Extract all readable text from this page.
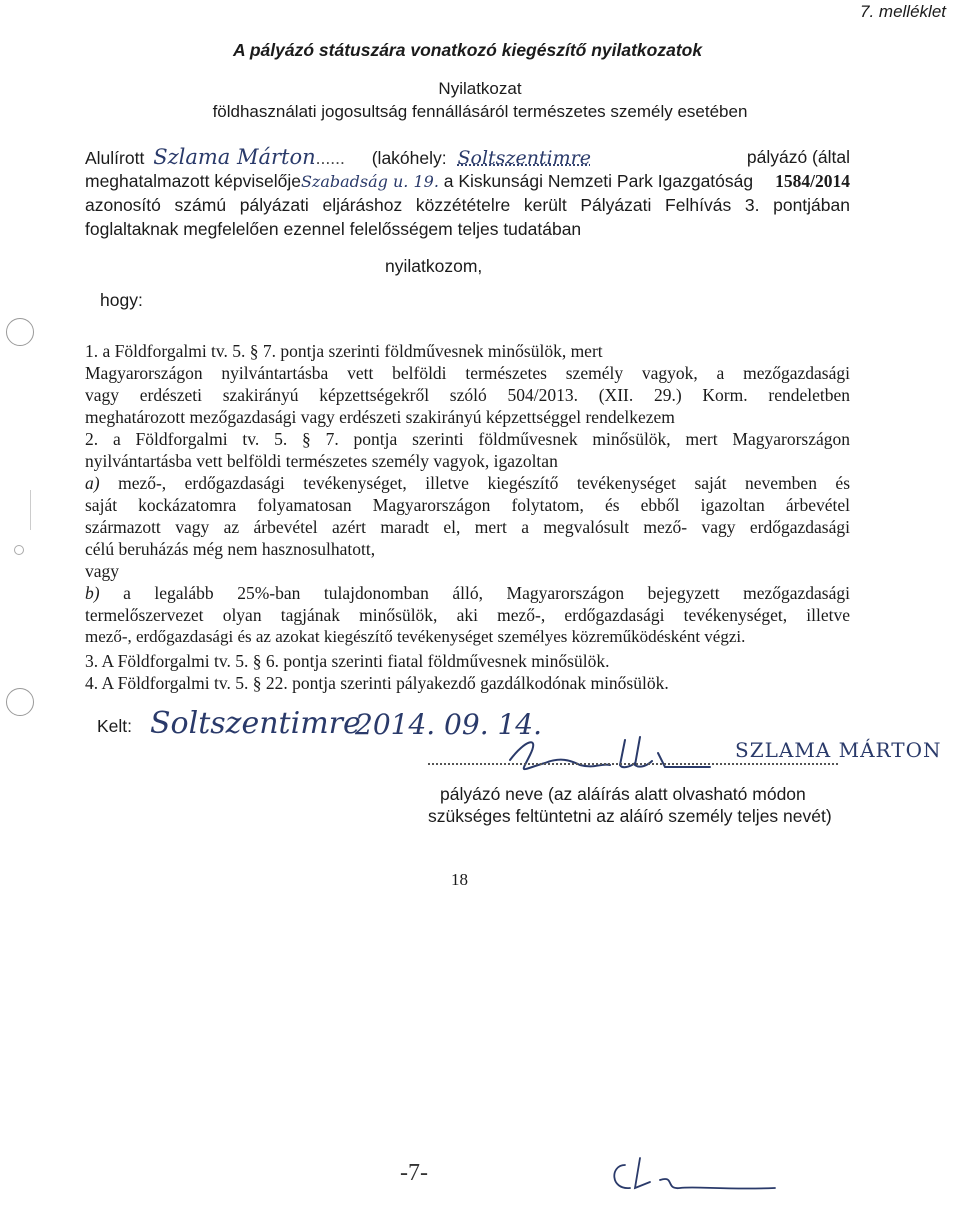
7. melléklet
A pályázó státuszára vonatkozó kiegészítő nyilatkozatok
Nyilatkozat
földhasználati jogosultság fennállásáról természetes személy esetében
Alulírott Szlama Márton...... (lakóhely: Soltszentimre	pályázó (által
meghatalmazott képviselőjeSzabadság u. 19. a Kiskunsági Nemzeti Park Igazgatóság 1584/2014
azonosító számú pályázati eljáráshoz közzétételre került Pályázati Felhívás 3. pontjában
foglaltaknak megfelelően ezennel felelősségem teljes tudatában
nyilatkozom,
hogy:
1. a Földforgalmi tv. 5. § 7. pontja szerinti földművesnek minősülök, mert
Magyarországon nyilvántartásba vett belföldi természetes személy vagyok, a mezőgazdasági
vagy erdészeti szakirányú képzettségekről szóló 504/2013. (XII. 29.) Korm. rendeletben
meghatározott mezőgazdasági vagy erdészeti szakirányú képzettséggel rendelkezem
2. a Földforgalmi tv. 5. § 7. pontja szerinti földművesnek minősülök, mert Magyarországon
nyilvántartásba vett belföldi természetes személy vagyok, igazoltan
a) mező-, erdőgazdasági tevékenységet, illetve kiegészítő tevékenységet saját nevemben és
saját kockázatomra folyamatosan Magyarországon folytatom, és ebből igazoltan árbevétel
származott vagy az árbevétel azért maradt el, mert a megvalósult mező- vagy erdőgazdasági
célú beruházás még nem hasznosulhatott,
vagy
b) a legalább 25%-ban tulajdonomban álló, Magyarországon bejegyzett mezőgazdasági
termelőszervezet olyan tagjának minősülök, aki mező-, erdőgazdasági tevékenységet, illetve
mező-, erdőgazdasági és az azokat kiegészítő tevékenységet személyes közreműködésként végzi.
3. A Földforgalmi tv. 5. § 6. pontja szerinti fiatal földművesnek minősülök.
4. A Földforgalmi tv. 5. § 22. pontja szerinti pályakezdő gazdálkodónak minősülök.
Kelt: Soltszentimre
2014. 09. 14.
SZLAMA MÁRTON
pályázó neve (az aláírás alatt olvasható módon
szükséges feltüntetni az aláíró személy teljes nevét)
18
-7-
